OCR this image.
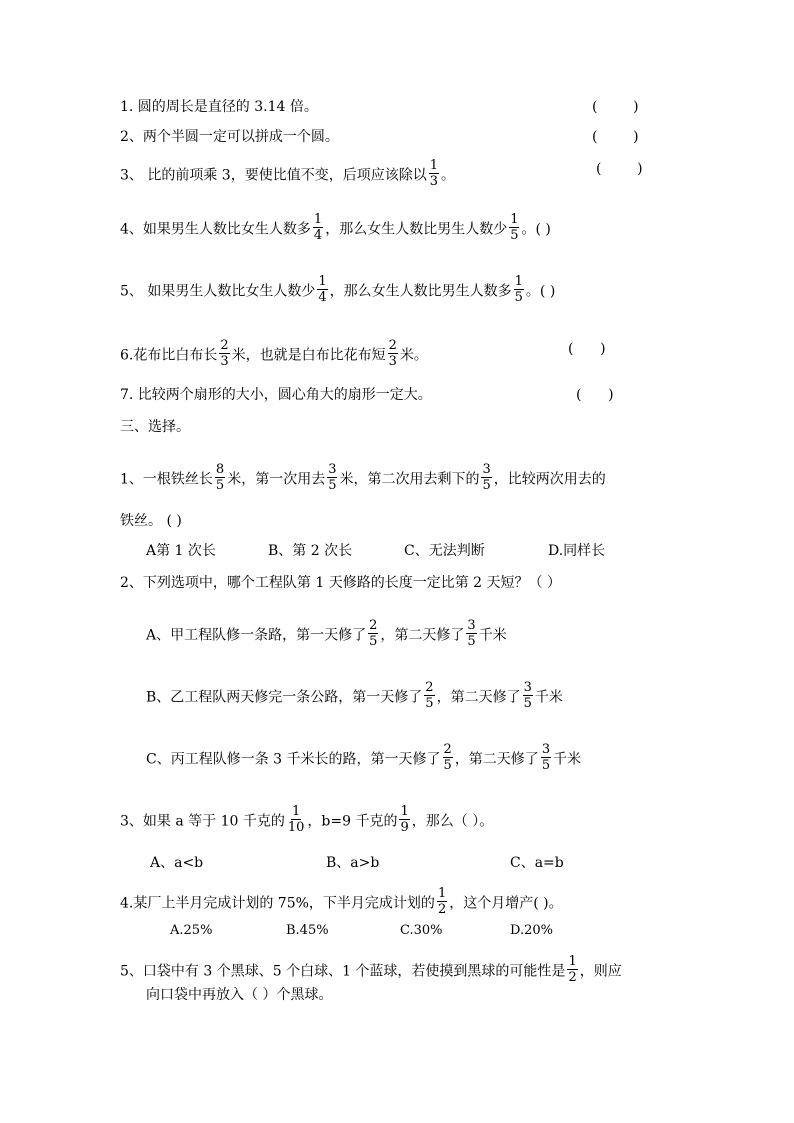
1. 圆的周长是直径的 3.14 倍。	(        )
2、两个半圆一定可以拼成一个圆。	(        )
3、 比的前项乘 3，要使比值不变，后项应该除以 $\frac{1}{3}$ 。	(        )
4、如果男生人数比女生人数多 $\frac{1}{4}$ ，那么女生人数比男生人数少 $\frac{1}{5}$ 。( )
5、 如果男生人数比女生人数少 $\frac{1}{4}$ ，那么女生人数比男生人数多 $\frac{1}{5}$ 。( )
6.花布比白布长 $\frac{2}{3}$ 米，也就是白布比花布短 $\frac{2}{3}$ 米。	(      )
7. 比较两个扇形的大小，圆心角大的扇形一定大。	(      )
三、选择。
1、一根铁丝长 $\frac{8}{5}$ 米，第一次用去 $\frac{3}{5}$ 米，第二次用去剩下的 $\frac{3}{5}$ ，比较两次用去的
铁丝。 ( )
A第 1 次长	B、第 2 次长	C、无法判断	D.同样长
2、下列选项中，哪个工程队第 1 天修路的长度一定比第 2 天短？（ ）
A、甲工程队修一条路，第一天修了 $\frac{2}{5}$ ，第二天修了 $\frac{3}{5}$ 千米
B、乙工程队两天修完一条公路，第一天修了 $\frac{2}{5}$ ，第二天修了 $\frac{3}{5}$ 千米
C、丙工程队修一条 3 千米长的路，第一天修了 $\frac{2}{5}$ ，第二天修了 $\frac{3}{5}$ 千米
3、如果 a 等于 10 千克的 $\frac{1}{10}$ ，b=9 千克的 $\frac{1}{9}$ ，那么（ ）。
A、a<b	B、a>b	C、a=b
4.某厂上半月完成计划的 75%，下半月完成计划的 $\frac{1}{2}$ ，这个月增产( )。
A.25%	B.45%	C.30%	D.20%
5、口袋中有 3 个黑球、5 个白球、1 个蓝球，若使摸到黑球的可能性是 $\frac{1}{2}$ ，则应
向口袋中再放入（ ）个黑球。
